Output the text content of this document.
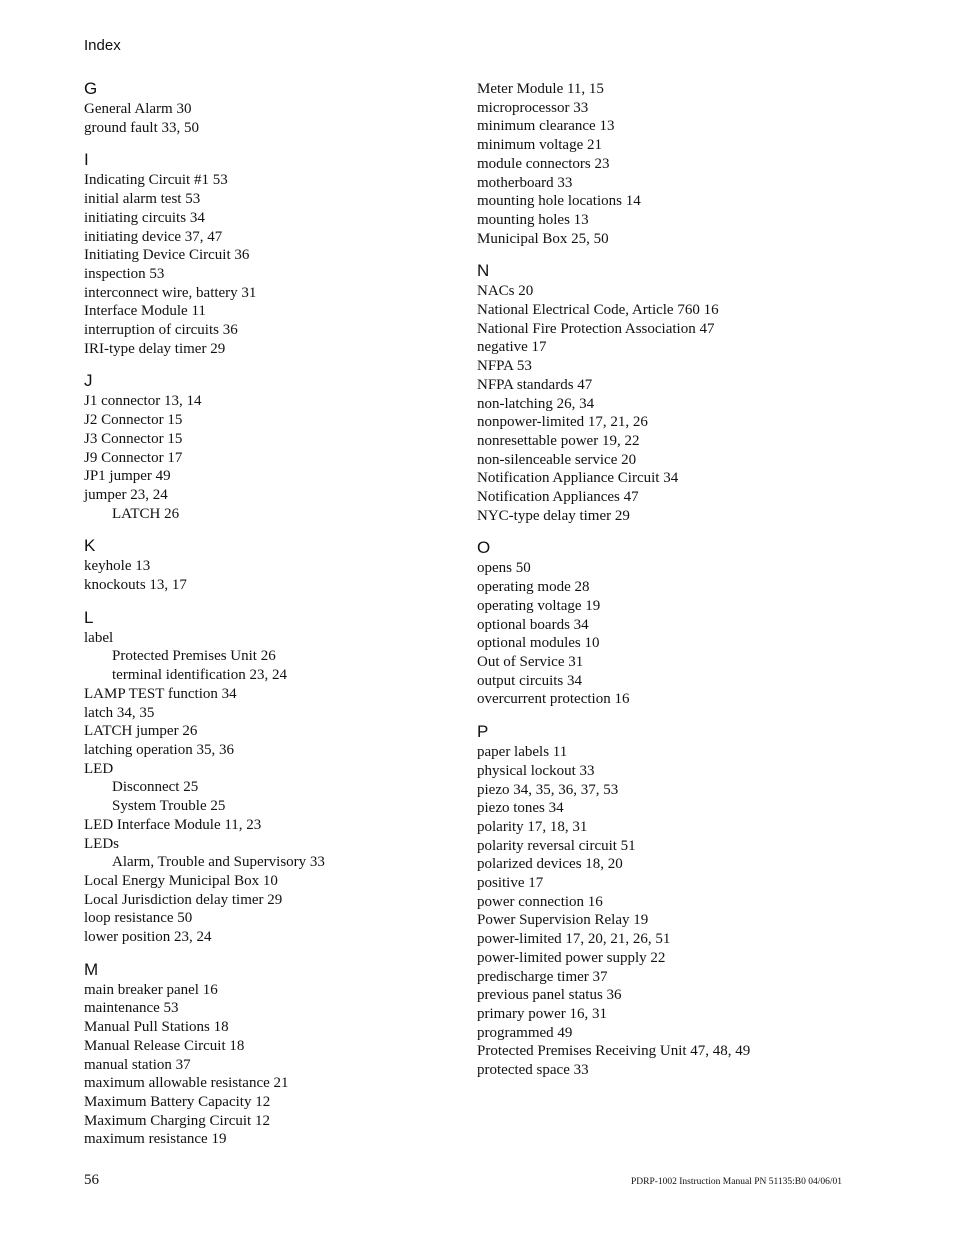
Index
G
General Alarm 30
ground fault 33, 50
I
Indicating Circuit #1 53
initial alarm test 53
initiating circuits 34
initiating device 37, 47
Initiating Device Circuit 36
inspection 53
interconnect wire, battery 31
Interface Module 11
interruption of circuits 36
IRI-type delay timer 29
J
J1 connector 13, 14
J2 Connector 15
J3 Connector 15
J9 Connector 17
JP1 jumper 49
jumper 23, 24
LATCH 26
K
keyhole 13
knockouts 13, 17
L
label
Protected Premises Unit 26
terminal identification 23, 24
LAMP TEST function 34
latch 34, 35
LATCH jumper 26
latching operation 35, 36
LED
Disconnect 25
System Trouble 25
LED Interface Module 11, 23
LEDs
Alarm, Trouble and Supervisory 33
Local Energy Municipal Box 10
Local Jurisdiction delay timer 29
loop resistance 50
lower position 23, 24
M
main breaker panel 16
maintenance 53
Manual Pull Stations 18
Manual Release Circuit 18
manual station 37
maximum allowable resistance 21
Maximum Battery Capacity 12
Maximum Charging Circuit 12
maximum resistance 19
Meter Module 11, 15
microprocessor 33
minimum clearance 13
minimum voltage 21
module connectors 23
motherboard 33
mounting hole locations 14
mounting holes 13
Municipal Box 25, 50
N
NACs 20
National Electrical Code, Article 760 16
National Fire Protection Association 47
negative 17
NFPA 53
NFPA standards 47
non-latching 26, 34
nonpower-limited 17, 21, 26
nonresettable power 19, 22
non-silenceable service 20
Notification Appliance Circuit 34
Notification Appliances 47
NYC-type delay timer 29
O
opens 50
operating mode 28
operating voltage 19
optional boards 34
optional modules 10
Out of Service 31
output circuits 34
overcurrent protection 16
P
paper labels 11
physical lockout 33
piezo 34, 35, 36, 37, 53
piezo tones 34
polarity 17, 18, 31
polarity reversal circuit 51
polarized devices 18, 20
positive 17
power connection 16
Power Supervision Relay 19
power-limited 17, 20, 21, 26, 51
power-limited power supply 22
predischarge timer 37
previous panel status 36
primary power 16, 31
programmed 49
Protected Premises Receiving Unit 47, 48, 49
protected space 33
56	PDRP-1002 Instruction Manual PN 51135:B0 04/06/01
